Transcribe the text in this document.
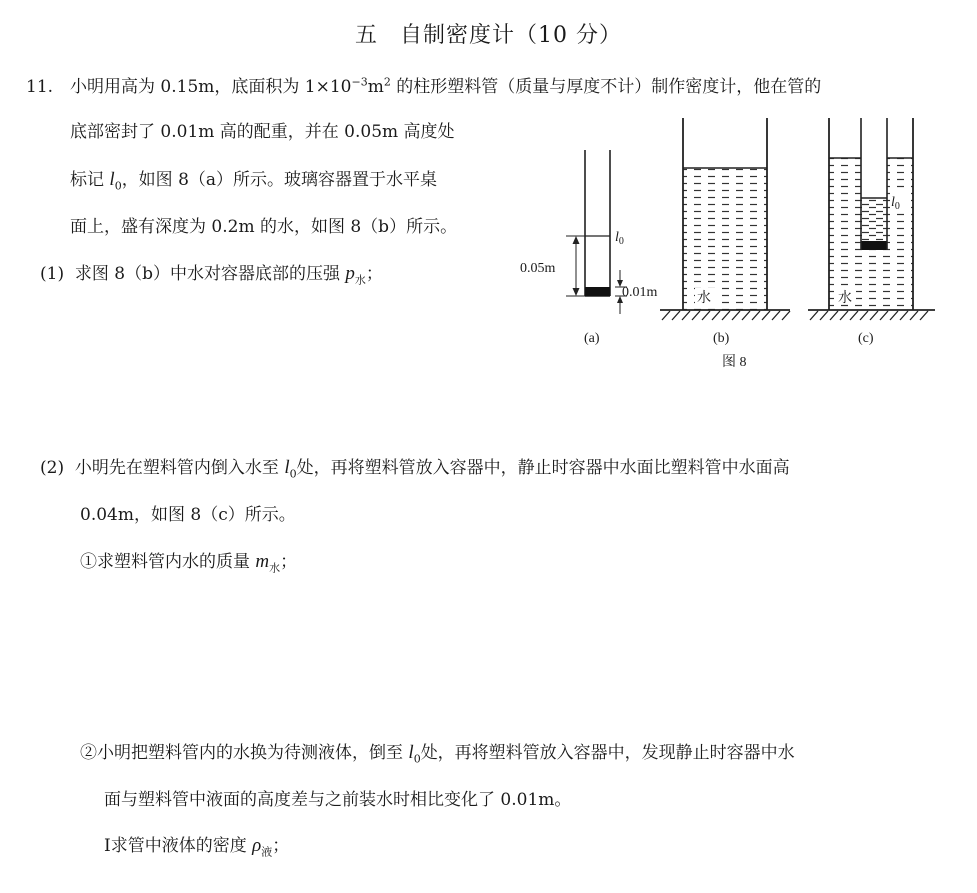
五 自制密度计（10 分）
11. 小明用高为 0.15m，底面积为 $1\times 10^{-3}m^2$ 的柱形塑料管（质量与厚度不计）制作密度计，他在管的
底部密封了 0.01m 高的配重，并在 0.05m 高度处
标记 $l_0$，如图 8（a）所示。玻璃容器置于水平桌
面上，盛有深度为 0.2m 的水，如图 8（b）所示。
(1) 求图 8（b）中水对容器底部的压强 $p_水$；
(2) 小明先在塑料管内倒入水至 $l_0$处，再将塑料管放入容器中，静止时容器中水面比塑料管中水面高
0.04m，如图 8（c）所示。
①求塑料管内水的质量 $m_水$；
②小明把塑料管内的水换为待测液体，倒至 $l_0$处，再将塑料管放入容器中，发现静止时容器中水
面与塑料管中液面的高度差与之前装水时相比变化了 0.01m。
Ⅰ求管中液体的密度 $\rho_液$；
0.05m
0.01m
$l_0$
(a)
水
(b)
$l_0$
水
(c)
图 8
